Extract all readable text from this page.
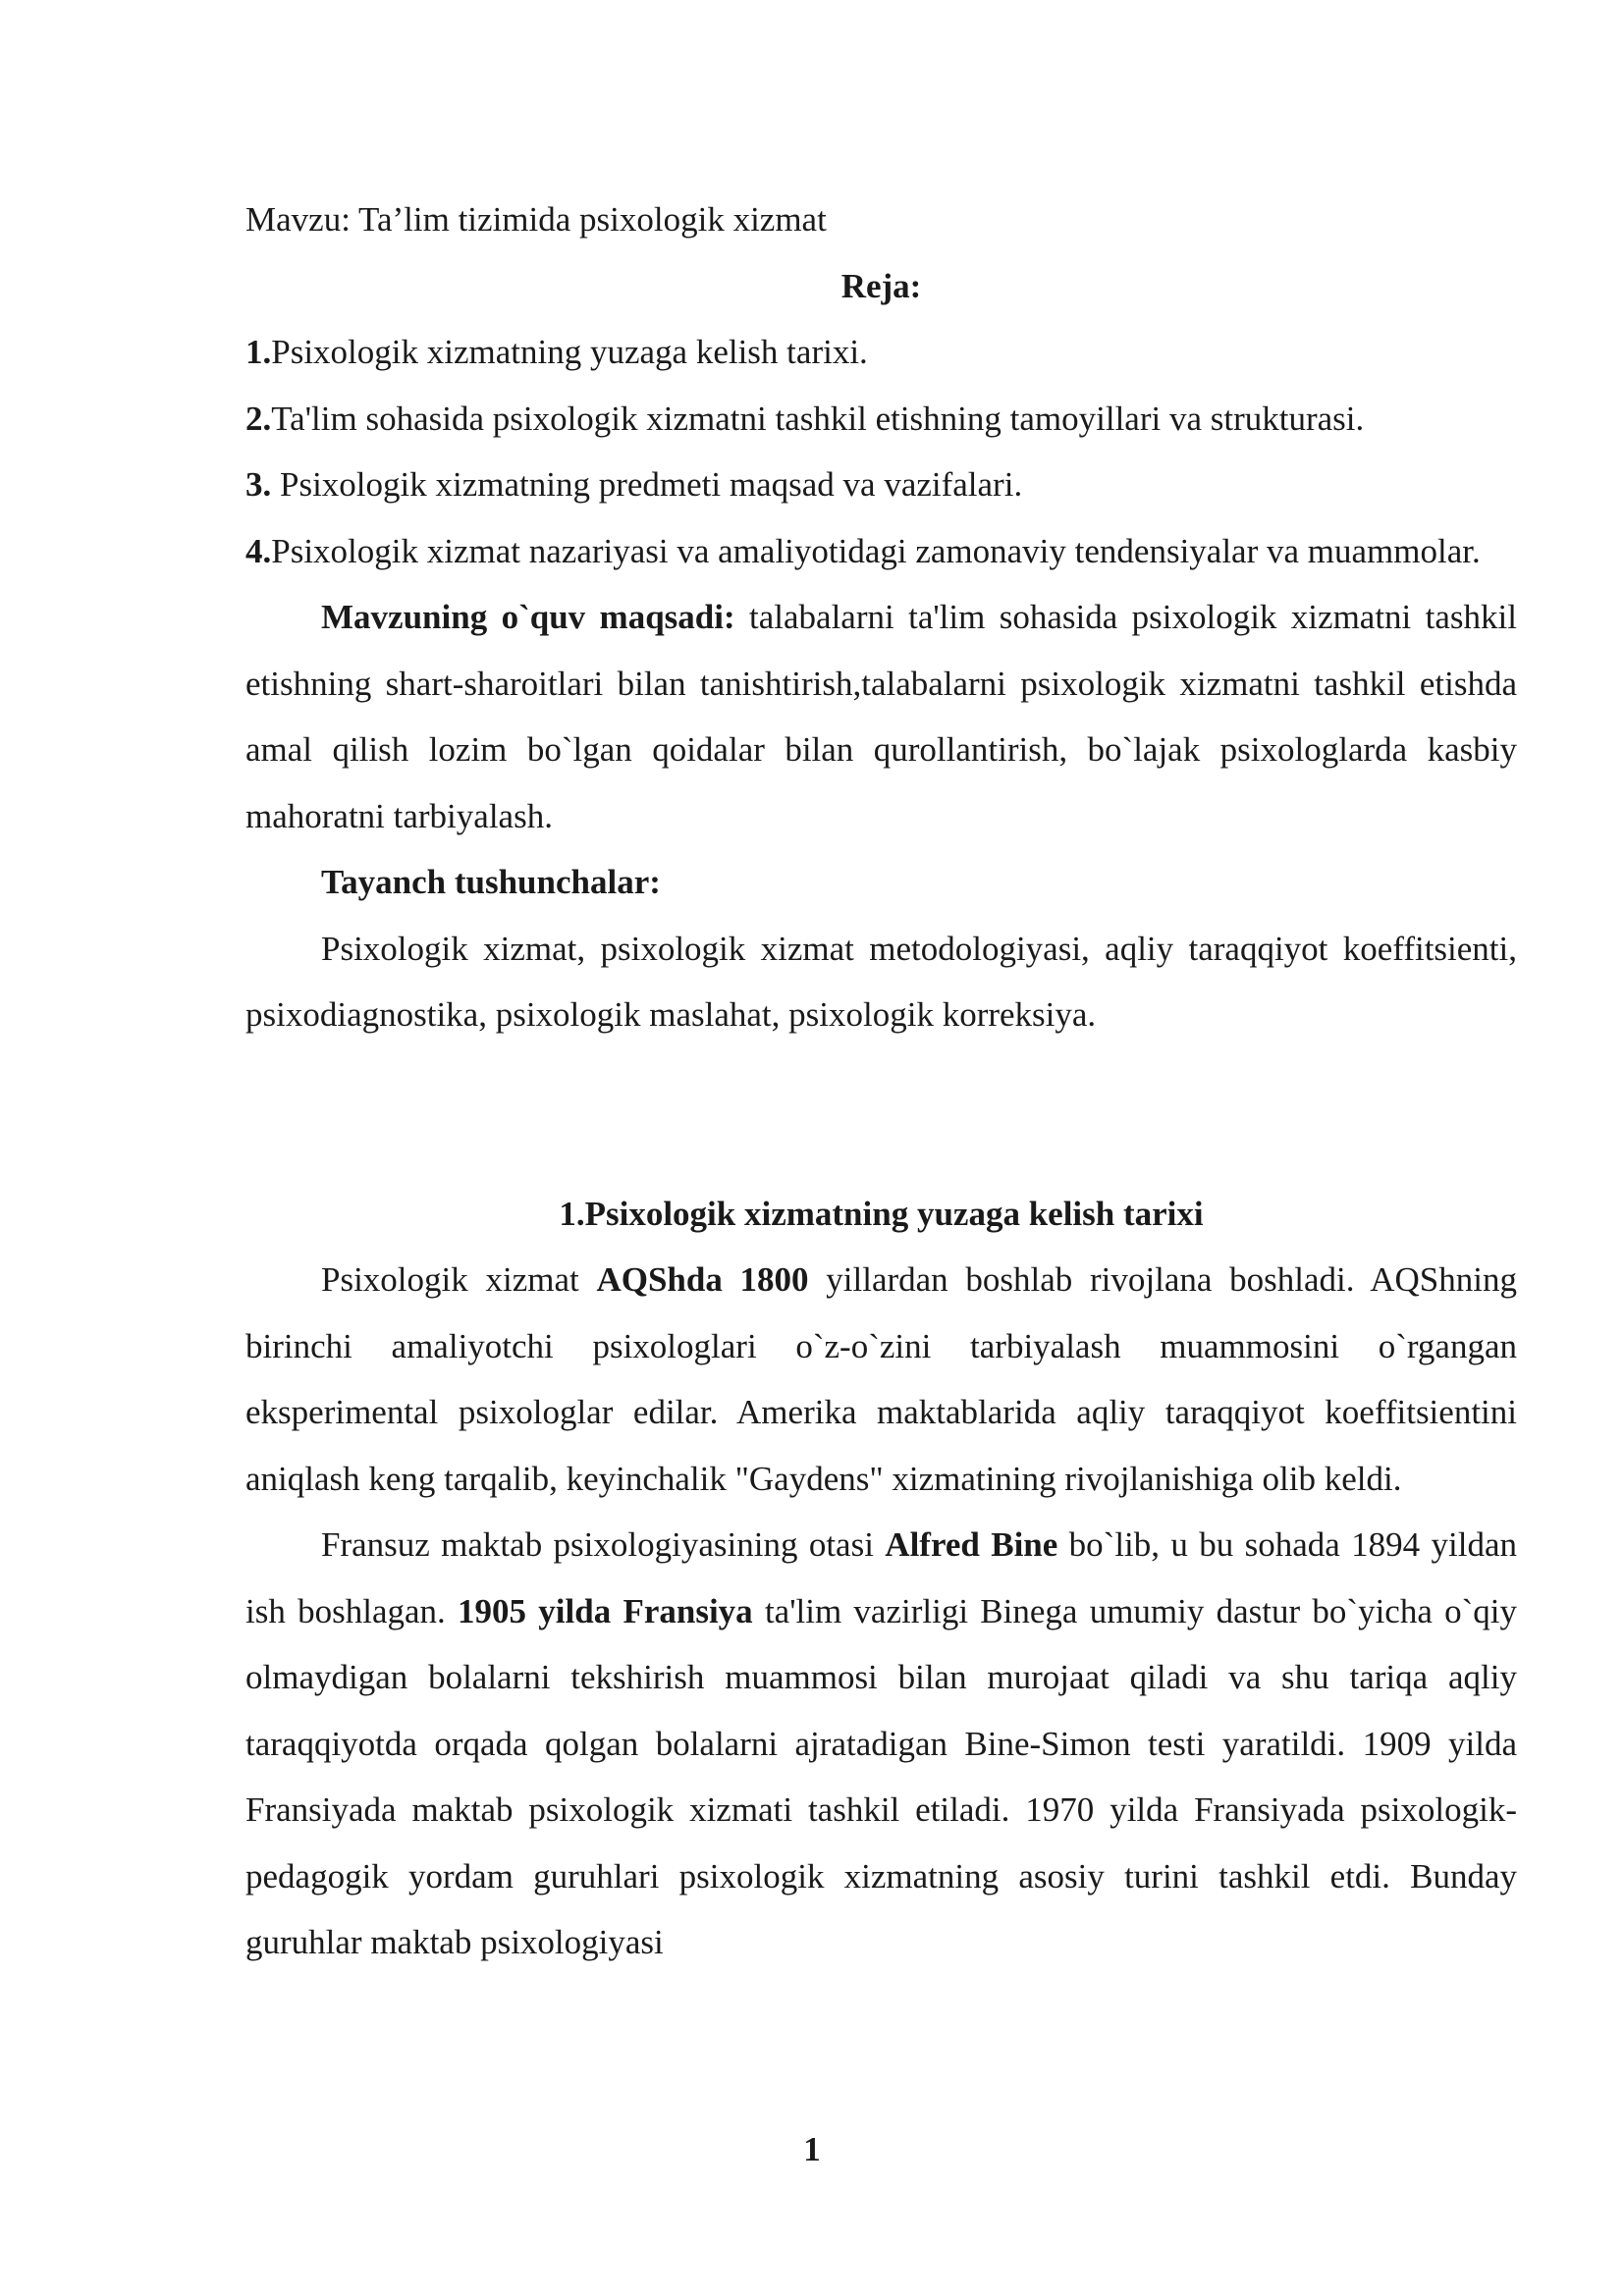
Mavzu: Ta’lim tizimida psixologik xizmat

Reja:

1.Psixologik xizmatning yuzaga kelish tarixi.

2.Ta'lim sohasida psixologik xizmatni tashkil etishning tamoyillari va strukturasi.

3. Psixologik xizmatning predmeti maqsad va vazifalari.

4.Psixologik xizmat nazariyasi va amaliyotidagi zamonaviy tendensiyalar va muammolar.

Mavzuning o`quv maqsadi: talabalarni ta'lim sohasida psixologik xizmatni tashkil etishning shart-sharoitlari bilan tanishtirish,talabalarni psixologik xizmatni tashkil etishda amal qilish lozim bo`lgan qoidalar bilan qurollantirish, bo`lajak psixologlarda kasbiy mahoratni tarbiyalash.

Tayanch tushunchalar:

Psixologik xizmat, psixologik xizmat metodologiyasi, aqliy taraqqiyot koeffitsienti, psixodiagnostika, psixologik maslahat, psixologik korreksiya.

1.Psixologik xizmatning yuzaga kelish tarixi

Psixologik xizmat AQShda 1800 yillardan boshlab rivojlana boshladi. AQShning birinchi amaliyotchi psixologlari o`z-o`zini tarbiyalash muammosini o`rgangan eksperimental psixologlar edilar. Amerika maktablarida aqliy taraqqiyot koeffitsientini aniqlash keng tarqalib, keyinchalik "Gaydens" xizmatining rivojlanishiga olib keldi.

Fransuz maktab psixologiyasining otasi Alfred Bine bo`lib, u bu sohada 1894 yildan ish boshlagan. 1905 yilda Fransiya ta'lim vazirligi Binega umumiy dastur bo`yicha o`qiy olmaydigan bolalarni tekshirish muammosi bilan murojaat qiladi va shu tariqa aqliy taraqqiyotda orqada qolgan bolalarni ajratadigan Bine-Simon testi yaratildi. 1909 yilda Fransiyada maktab psixologik xizmati tashkil etiladi. 1970 yilda Fransiyada psixologik-pedagogik yordam guruhlari psixologik xizmatning asosiy turini tashkil etdi. Bunday guruhlar maktab psixologiyasi

1
